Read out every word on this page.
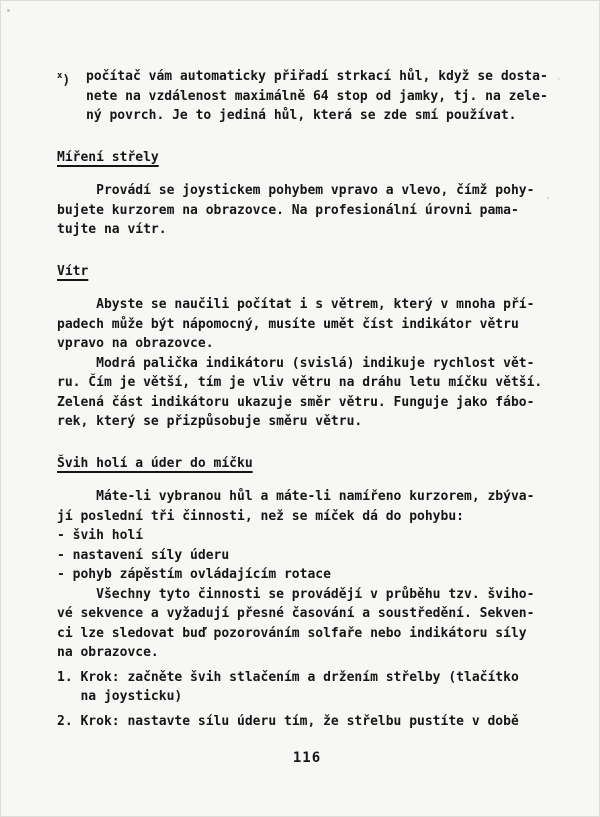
$^x$)	počítač vám automaticky přiřadí strkací hůl, když se dosta-
nete na vzdálenost maximálně 64 stop od jamky, tj. na zele-
ný povrch. Je to jediná hůl, která se zde smí používat.
Míření střely
Provádí se joystickem pohybem vpravo a vlevo, čímž pohy-
bujete kurzorem na obrazovce. Na profesionální úrovni pama-
tujte na vítr.
Vítr
Abyste se naučili počítat i s větrem, který v mnoha pří-
padech může být nápomocný, musíte umět číst indikátor větru
vpravo na obrazovce.
Modrá palička indikátoru (svislá) indikuje rychlost vět-
ru. Čím je větší, tím je vliv větru na dráhu letu míčku větší.
Zelená část indikátoru ukazuje směr větru. Funguje jako fábo-
rek, který se přizpůsobuje směru větru.
Švih holí a úder do míčku
Máte-li vybranou hůl a máte-li namířeno kurzorem, zbýva-
jí poslední tři činnosti, než se míček dá do pohybu:
- švih holí
- nastavení síly úderu
- pohyb zápěstím ovládajícím rotace
Všechny tyto činnosti se provádějí v průběhu tzv. šviho-
vé sekvence a vyžadují přesné časování a soustředění. Sekven-
ci lze sledovat buď pozorováním solfaře nebo indikátoru síly
na obrazovce.
1. Krok: začněte švih stlačením a držením střelby (tlačítko
na joysticku)
2. Krok: nastavte sílu úderu tím, že střelbu pustíte v době
116
